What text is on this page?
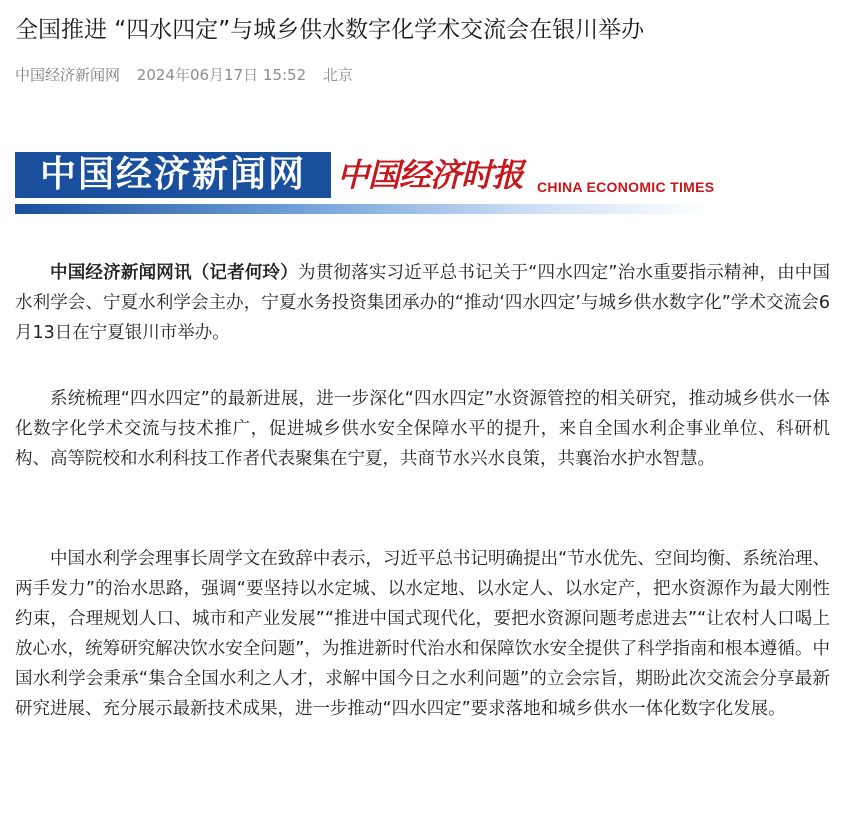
全国推进 “四水四定”与城乡供水数字化学术交流会在银川举办
中国经济新闻网 2024年06月17日 15:52 北京
中国经济新闻网 中国经济时报 CHINA ECONOMIC TIMES

中国经济新闻网讯（记者何玲）为贯彻落实习近平总书记关于“四水四定”治水重要指示精神，由中国水利学会、宁夏水利学会主办，宁夏水务投资集团承办的“推动‘四水四定’与城乡供水数字化”学术交流会6月13日在宁夏银川市举办。

系统梳理“四水四定”的最新进展，进一步深化“四水四定”水资源管控的相关研究，推动城乡供水一体化数字化学术交流与技术推广，促进城乡供水安全保障水平的提升，来自全国水利企事业单位、科研机构、高等院校和水利科技工作者代表聚集在宁夏，共商节水兴水良策，共襄治水护水智慧。

中国水利学会理事长周学文在致辞中表示，习近平总书记明确提出“节水优先、空间均衡、系统治理、两手发力”的治水思路，强调“要坚持以水定城、以水定地、以水定人、以水定产，把水资源作为最大刚性约束，合理规划人口、城市和产业发展”“推进中国式现代化，要把水资源问题考虑进去”“让农村人口喝上放心水，统筹研究解决饮水安全问题”，为推进新时代治水和保障饮水安全提供了科学指南和根本遵循。中国水利学会秉承“集合全国水利之人才，求解中国今日之水利问题”的立会宗旨，期盼此次交流会分享最新研究进展、充分展示最新技术成果，进一步推动“四水四定”要求落地和城乡供水一体化数字化发展。
